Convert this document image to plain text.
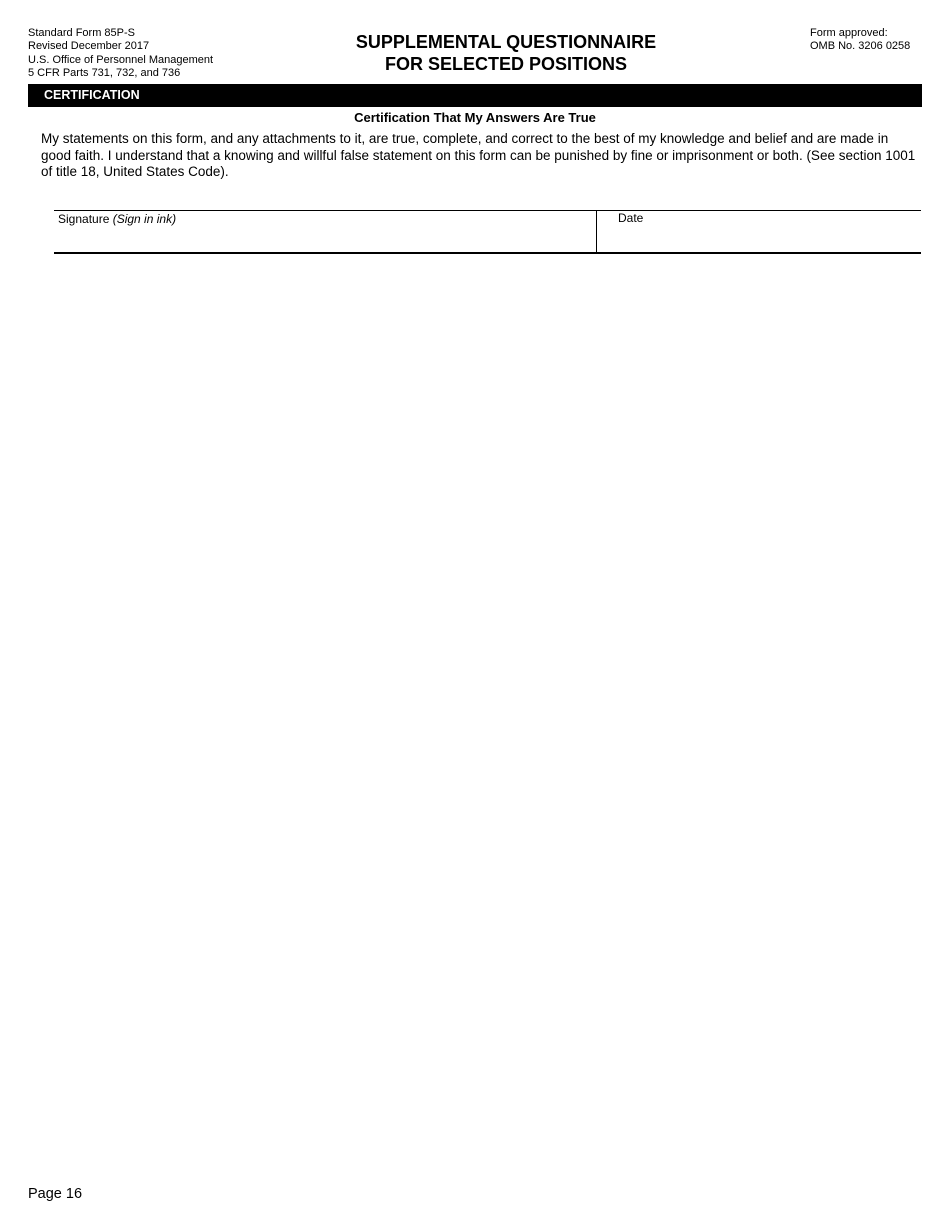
Standard Form 85P-S
Revised December 2017
U.S. Office of Personnel Management
5 CFR Parts 731, 732, and 736
SUPPLEMENTAL QUESTIONNAIRE
FOR SELECTED POSITIONS
Form approved:
OMB No. 3206 0258
CERTIFICATION
Certification That My Answers Are True
My statements on this form, and any attachments to it, are true, complete, and correct to the best of my knowledge and belief and are made in good faith. I understand that a knowing and willful false statement on this form can be punished by fine or imprisonment or both. (See section 1001 of title 18, United States Code).
Signature (Sign in ink)	Date
Page 16
